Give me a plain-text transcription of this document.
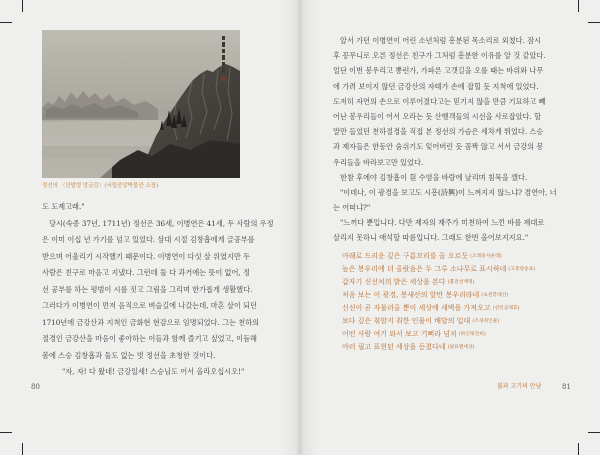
정선의 〈단발령 망금강〉(국립중앙박물관 소장)
도 도제고래."
당시(숙종 37년, 1711년) 정선은 36세, 이병연은 41세, 두 사람의 우정
은 이미 이십 년 가기를 넘고 있었다. 삼대 시절 김창흡에게 글공부를
받으며 어울리기 시작했기 때문이다. 이병연이 다섯 살 위였지만 두
사람은 친구로 마음고 지냈다. 그런데 둘 다 과거에는 뜻이 없어, 정
선 공부를 하는 평범이 시를 짓고 그림을 그리며 한가롭게 생활했다.
그러다가 이병연이 먼저 음직으로 벼슬길에 나갔는데, 마흔 살이 되던
1710년에 금강산과 지척인 금화현 현감으로 임명되었다. 그는 천하의
절경인 금강산을 마음이 좋아하는 이들과 함께 즐기고 싶었고, 이듬해
봄에 스승 김창흡과 둘도 없는 벗 정선을 초청한 것이다.
"자, 자! 다 왔네! 금강일세! 스승님도 어서 올라오십시오!"
80
앞서 가던 이병연이 어린 소년처럼 흥분된 목소리로 외쳤다. 잠시
후 꽁무니로 오른 정선은 친구가 그처럼 흥분한 이유를 알 것 같았다.
일단 이번 봉우리고 뽕런가, 가파른 고갯길을 오를 때는 바위와 나무
에 가려 보이지 않던 금강산의 자태가 손에 잡힐 듯 지척에 있었다.
도저히 자연의 손으로 이루어졌다고는 믿기지 않을 만큼 기묘하고 빼
어난 봉우리들이 어서 오라는 듯 산행객들의 시선을 사로잡았다. 할
말만 들었던 천하절경을 직접 본 정선의 가슴은 세차게 뛰었다. 스승
과 제자들은 한동안 숨쉬기도 잊어버린 듯 꼼짝 않고 서서 금강의 봉
우리들을 바라보고만 있었다.
한참 후에야 김창흡이 흰 수염을 바람에 날리며 침묵을 깼다.
"이데나, 이 광경을 보고도 시흥(詩興)이 느껴지지 않느냐? 겸연아, 너
는 어떠냐?"
"느꺼다 뿐입니다. 다만 제자의 재주가 미천하여 느낀 바를 제대로
살리지 못하니 애석할 따름입니다. 그래도 한번 올어보지지요."
아래로 드리운 깊은 구름꼬리를 올 오르듯 (오래동서운래)
높은 봉우리에 더 올랐음은 두 그루 소나무로 표시하네 (고봉양송표)
갑자기 신선처의 밝은 세상을 본다 (홀견선계명)
처음 보는 이 광경, 봉새산의 앞만 봉우리라네 (초견봉래산)
신선이 곧 자물러올 뿐이 세상에 새벽을 가져오고 (선인곧래효)
보다 깊은 취할지 취한 인물이 배달의 입대 (조경취인물)
어떤 사람 여기 와서 보고 기뻐라 넘치 (하인래견희)
아러 필고 표현된 세상을 등졌다네 (필표별세상)
불과 고기의 만남	81
